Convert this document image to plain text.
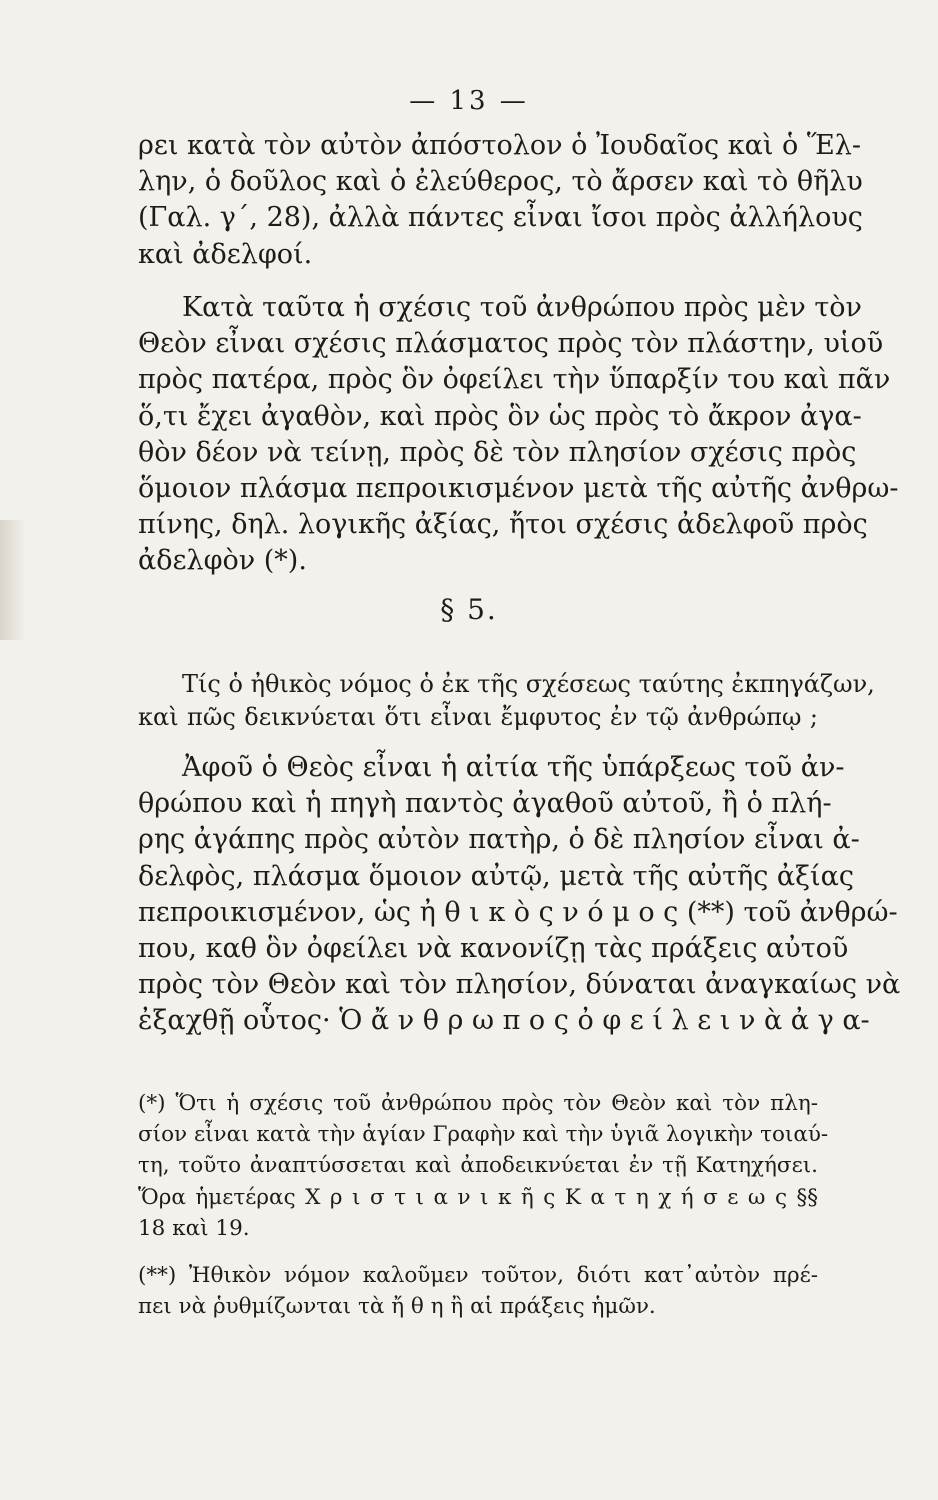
— 13 —
ρει κατὰ τὸν αὐτὸν ἀπόστολον ὁ Ἰουδαῖος καὶ ὁ Ἕλ-
λην, ὁ δοῦλος καὶ ὁ ἐλεύθερος, τὸ ἄρσεν καὶ τὸ θῆλυ
(Γαλ. γ΄, 28), ἀλλὰ πάντες εἶναι ἴσοι πρὸς ἀλλήλους
καὶ ἀδελφοί.
Κατὰ ταῦτα ἡ σχέσις τοῦ ἀνθρώπου πρὸς μὲν τὸν
Θεὸν εἶναι σχέσις πλάσματος πρὸς τὸν πλάστην, υἱοῦ
πρὸς πατέρα, πρὸς ὃν ὀφείλει τὴν ὕπαρξίν του καὶ πᾶν
ὅ,τι ἔχει ἀγαθὸν, καὶ πρὸς ὃν ὡς πρὸς τὸ ἄκρον ἀγα-
θὸν δέον νὰ τείνῃ, πρὸς δὲ τὸν πλησίον σχέσις πρὸς
ὅμοιον πλάσμα πεπροικισμένον μετὰ τῆς αὐτῆς ἀνθρω-
πίνης, δηλ. λογικῆς ἀξίας, ἤτοι σχέσις ἀδελφοῦ πρὸς
ἀδελφὸν (*).
§ 5.
Τίς ὁ ἠθικὸς νόμος ὁ ἐκ τῆς σχέσεως ταύτης ἐκπηγάζων,
καὶ πῶς δεικνύεται ὅτι εἶναι ἔμφυτος ἐν τῷ ἀνθρώπῳ ;
Ἀφοῦ ὁ Θεὸς εἶναι ἡ αἰτία τῆς ὑπάρξεως τοῦ ἀν-
θρώπου καὶ ἡ πηγὴ παντὸς ἀγαθοῦ αὐτοῦ, ἢ ὁ πλή-
ρης ἀγάπης πρὸς αὐτὸν πατὴρ, ὁ δὲ πλησίον εἶναι ἀ-
δελφὸς, πλάσμα ὅμοιον αὐτῷ, μετὰ τῆς αὐτῆς ἀξίας
πεπροικισμένον, ὡς ἠ θ ι κ ὸ ς ν ό μ ο ς (**) τοῦ ἀνθρώ-
που, καθ ὃν ὀφείλει νὰ κανονίζῃ τὰς πράξεις αὐτοῦ
πρὸς τὸν Θεὸν καὶ τὸν πλησίον, δύναται ἀναγκαίως νὰ
ἐξαχθῇ οὗτος· Ὁ ἄ ν θ ρ ω π ο ς ὀ φ ε ί λ ε ι ν ὰ ἀ γ α-
(*) Ὅτι ἡ σχέσις τοῦ ἀνθρώπου πρὸς τὸν Θεὸν καὶ τὸν πλη-
σίον εἶναι κατὰ τὴν ἁγίαν Γραφὴν καὶ τὴν ὑγιᾶ λογικὴν τοιαύ-
τη, τοῦτο ἀναπτύσσεται καὶ ἀποδεικνύεται ἐν τῇ Κατηχήσει.
Ὅρα ἡμετέρας Χ ρ ι σ τ ι α ν ι κ ῆ ς Κ α τ η χ ή σ ε ω ς §§
18 καὶ 19.
(**) Ἠθικὸν νόμον καλοῦμεν τοῦτον, διότι κατ᾽αὐτὸν πρέ-
πει νὰ ῥυθμίζωνται τὰ ἤ θ η ἢ αἱ πράξεις ἡμῶν.
